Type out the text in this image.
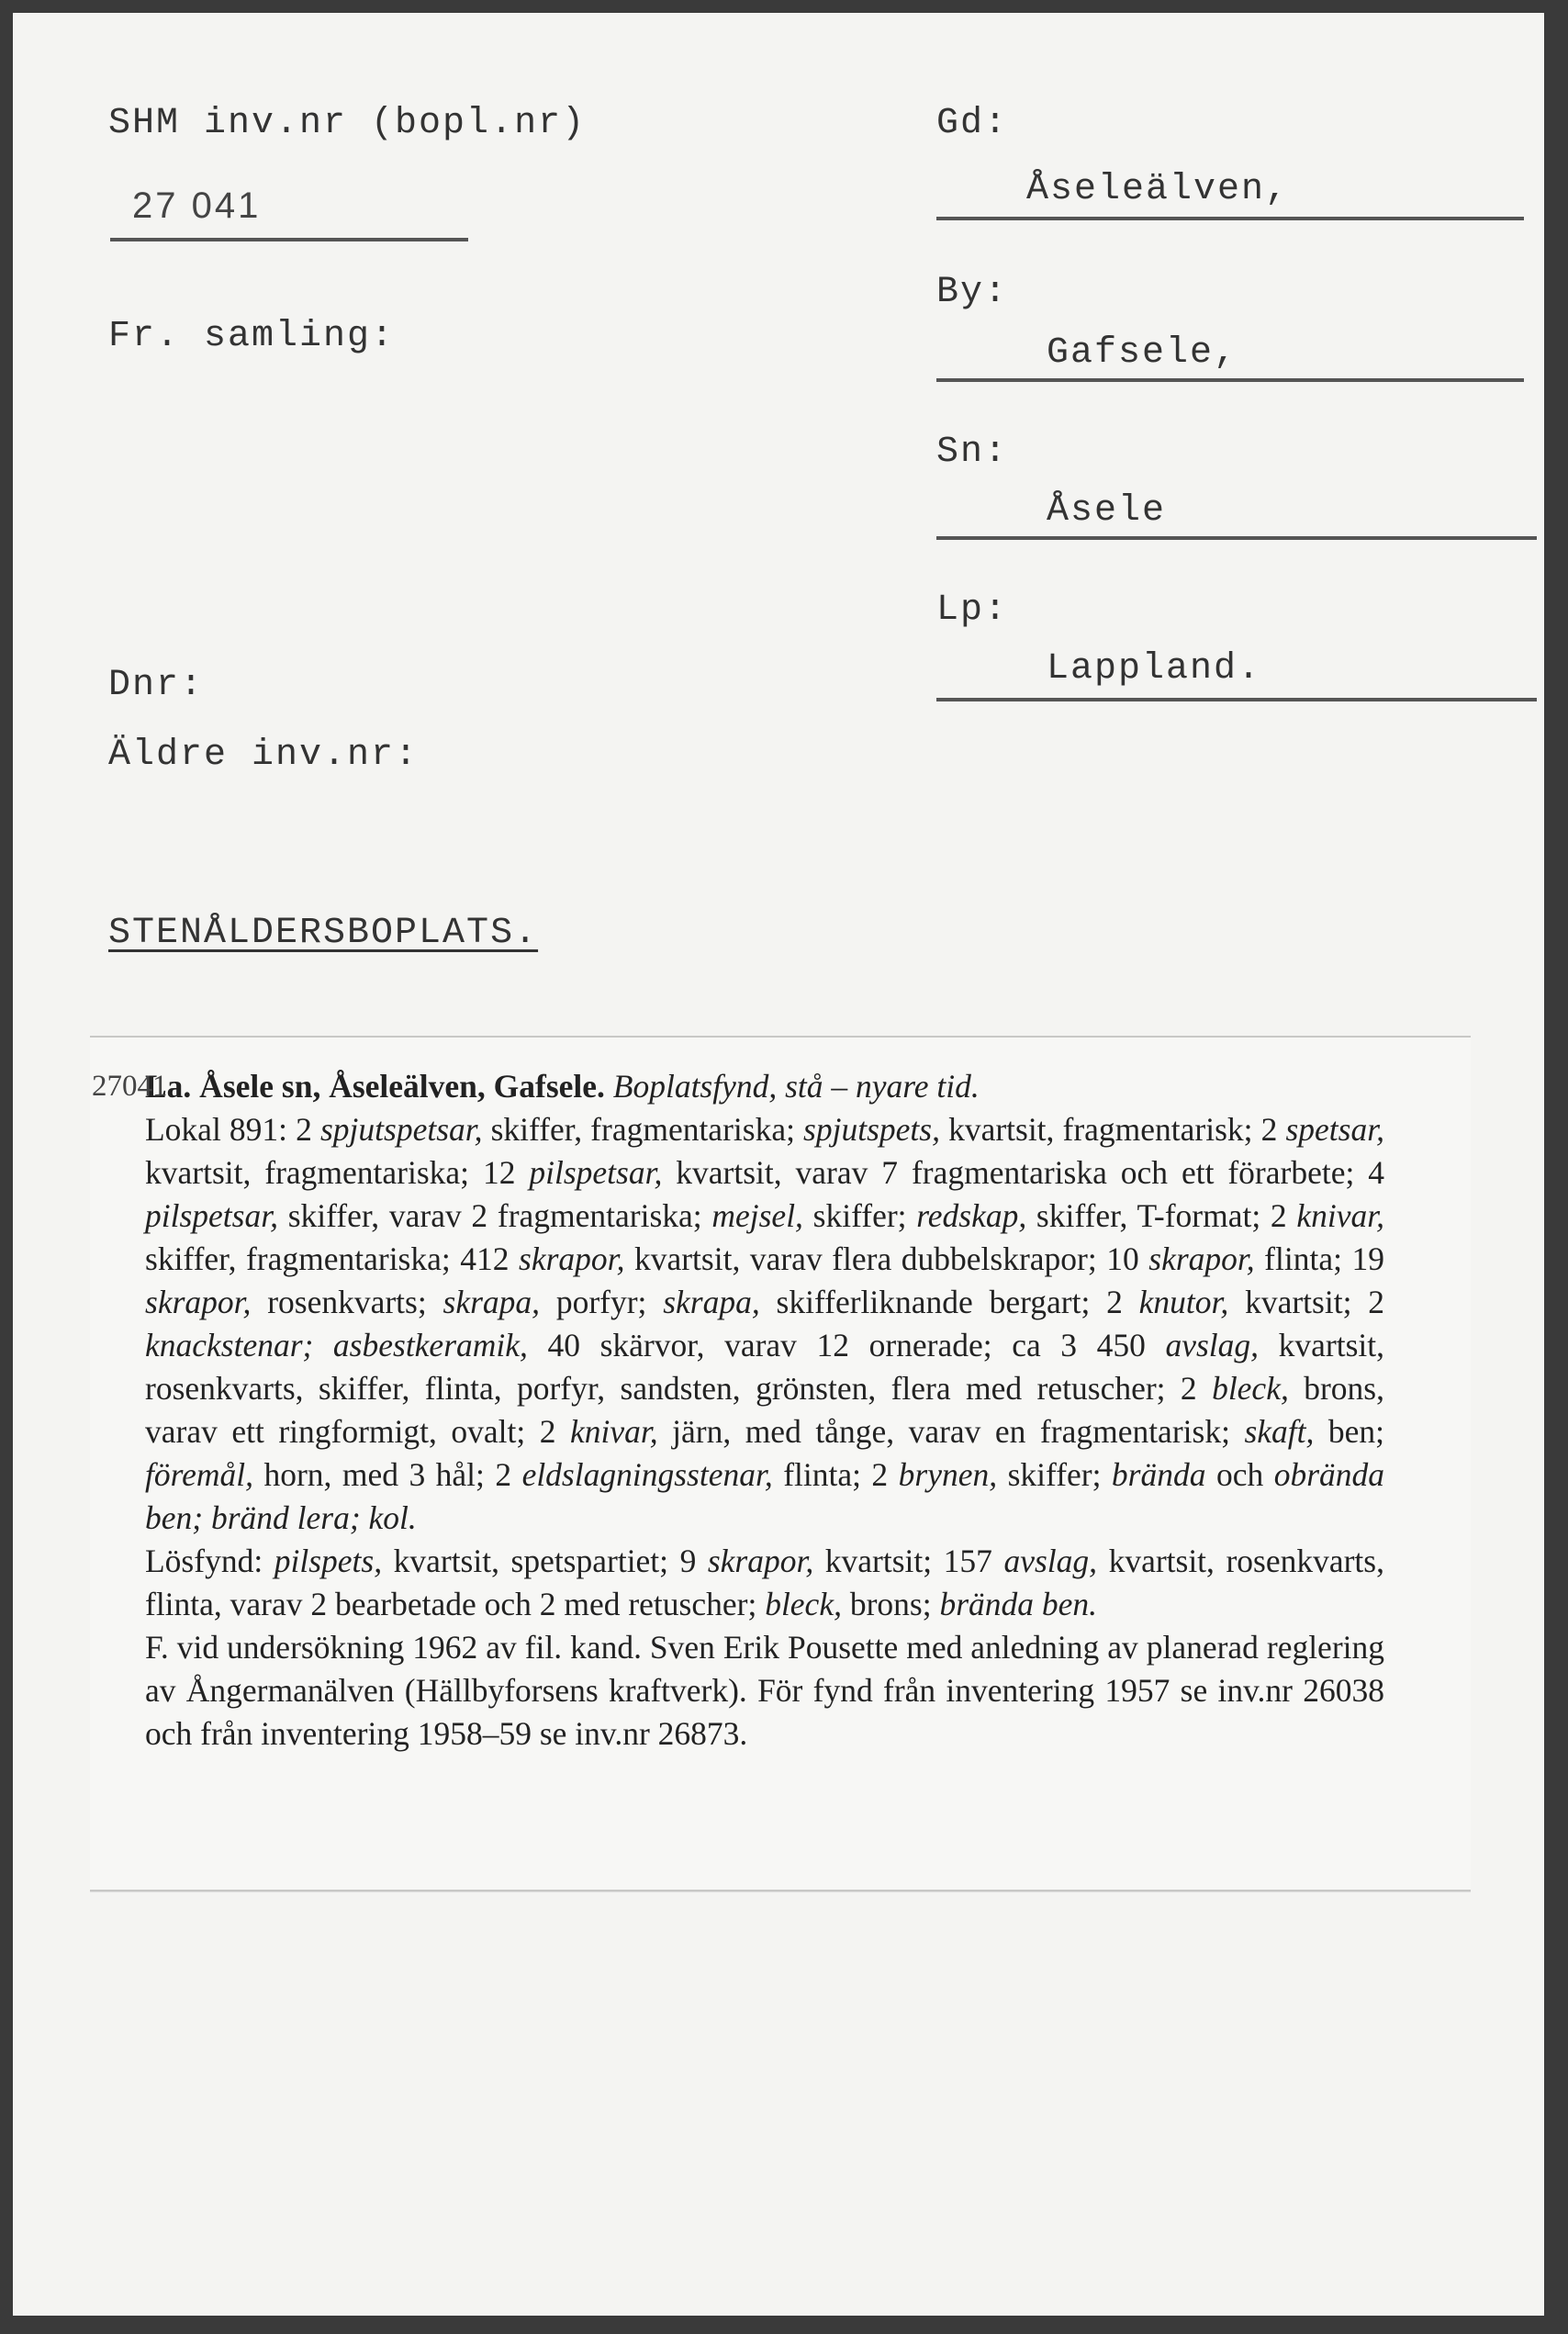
SHM inv.nr (bopl.nr)
27 041
Fr. samling:
Dnr:
Äldre inv.nr:
Gd:
Åseleälven,
By:
Gafsele,
Sn:
Åsele
Lp:
Lappland.
STENÅLDERSBOPLATS.
27041

La. Åsele sn, Åseleälven, Gafsele. Boplatsfynd, stå – nyare tid.

Lokal 891: 2 spjutspetsar, skiffer, fragmentariska; spjutspets, kvartsit, fragmentarisk; 2 spetsar, kvartsit, fragmentariska; 12 pilspetsar, kvartsit, varav 7 fragmentariska och ett förarbete; 4 pilspetsar, skiffer, varav 2 fragmentariska; mejsel, skiffer; redskap, skiffer, T-format; 2 knivar, skiffer, fragmentariska; 412 skrapor, kvartsit, varav flera dubbelskrapor; 10 skrapor, flinta; 19 skrapor, rosenkvarts; skrapa, porfyr; skrapa, skifferliknande bergart; 2 knutor, kvartsit; 2 knackstenar; asbestkeramik, 40 skärvor, varav 12 ornerade; ca 3 450 avslag, kvartsit, rosenkvarts, skiffer, flinta, porfyr, sandsten, grönsten, flera med retuscher; 2 bleck, brons, varav ett ringformigt, ovalt; 2 knivar, järn, med tånge, varav en fragmentarisk; skaft, ben; föremål, horn, med 3 hål; 2 eldslagningsstenar, flinta; 2 brynen, skiffer; brända och obrända ben; bränd lera; kol.

Lösfynd: pilspets, kvartsit, spetspartiet; 9 skrapor, kvartsit; 157 avslag, kvartsit, rosenkvarts, flinta, varav 2 bearbetade och 2 med retuscher; bleck, brons; brända ben.

F. vid undersökning 1962 av fil. kand. Sven Erik Pousette med anledning av planerad reglering av Ångermanälven (Hällbyforsens kraftverk). För fynd från inventering 1957 se inv.nr 26038 och från inventering 1958–59 se inv.nr 26873.
